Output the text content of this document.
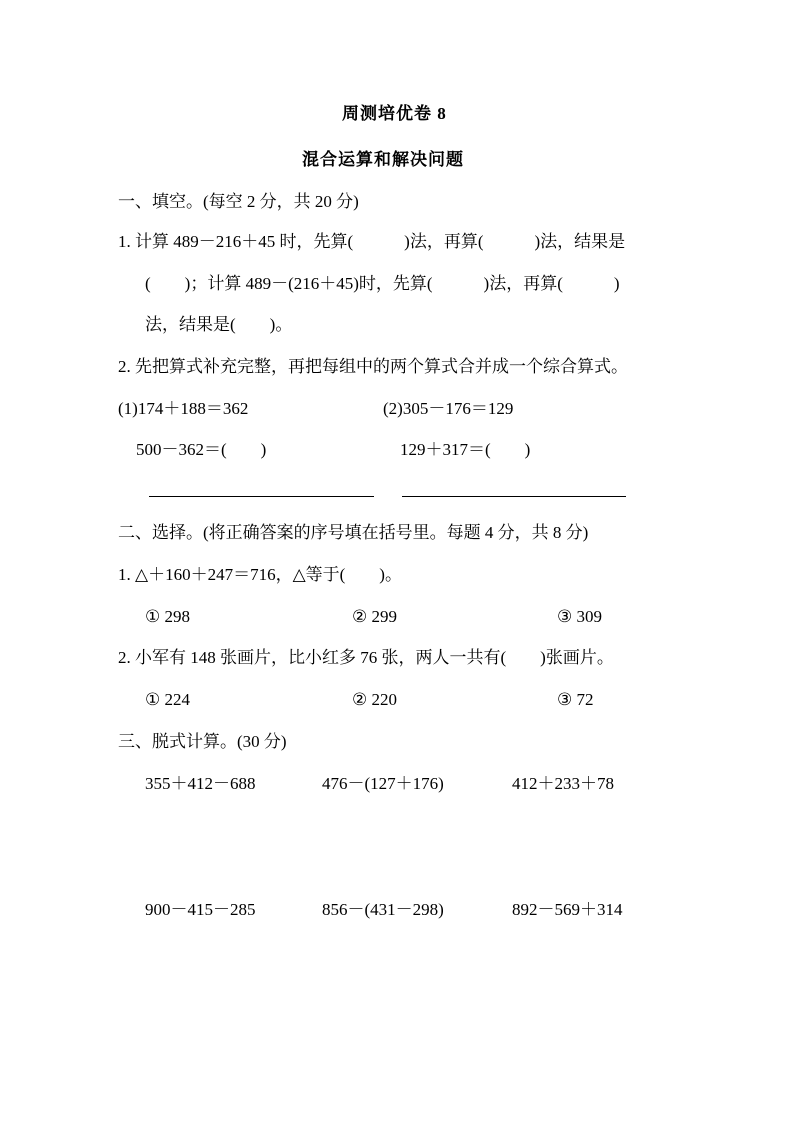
周测培优卷 8
混合运算和解决问题
一、填空。(每空 2 分，共 20 分)
1. 计算 489－216＋45 时，先算(　　　)法，再算(　　　)法，结果是
(　　)；计算 489－(216＋45)时，先算(　　　)法，再算(　　　)
法，结果是(　　)。
2. 先把算式补充完整，再把每组中的两个算式合并成一个综合算式。
(1)174＋188＝362	(2)305－176＝129
500－362＝(　　)	129＋317＝(　　)
二、选择。(将正确答案的序号填在括号里。每题 4 分，共 8 分)
1. △＋160＋247＝716，△等于(　　)。
① 298	② 299	③ 309
2. 小军有 148 张画片，比小红多 76 张，两人一共有(　　)张画片。
① 224	② 220	③ 72
三、脱式计算。(30 分)
355＋412－688	476－(127＋176)	412＋233＋78
900－415－285	856－(431－298)	892－569＋314
